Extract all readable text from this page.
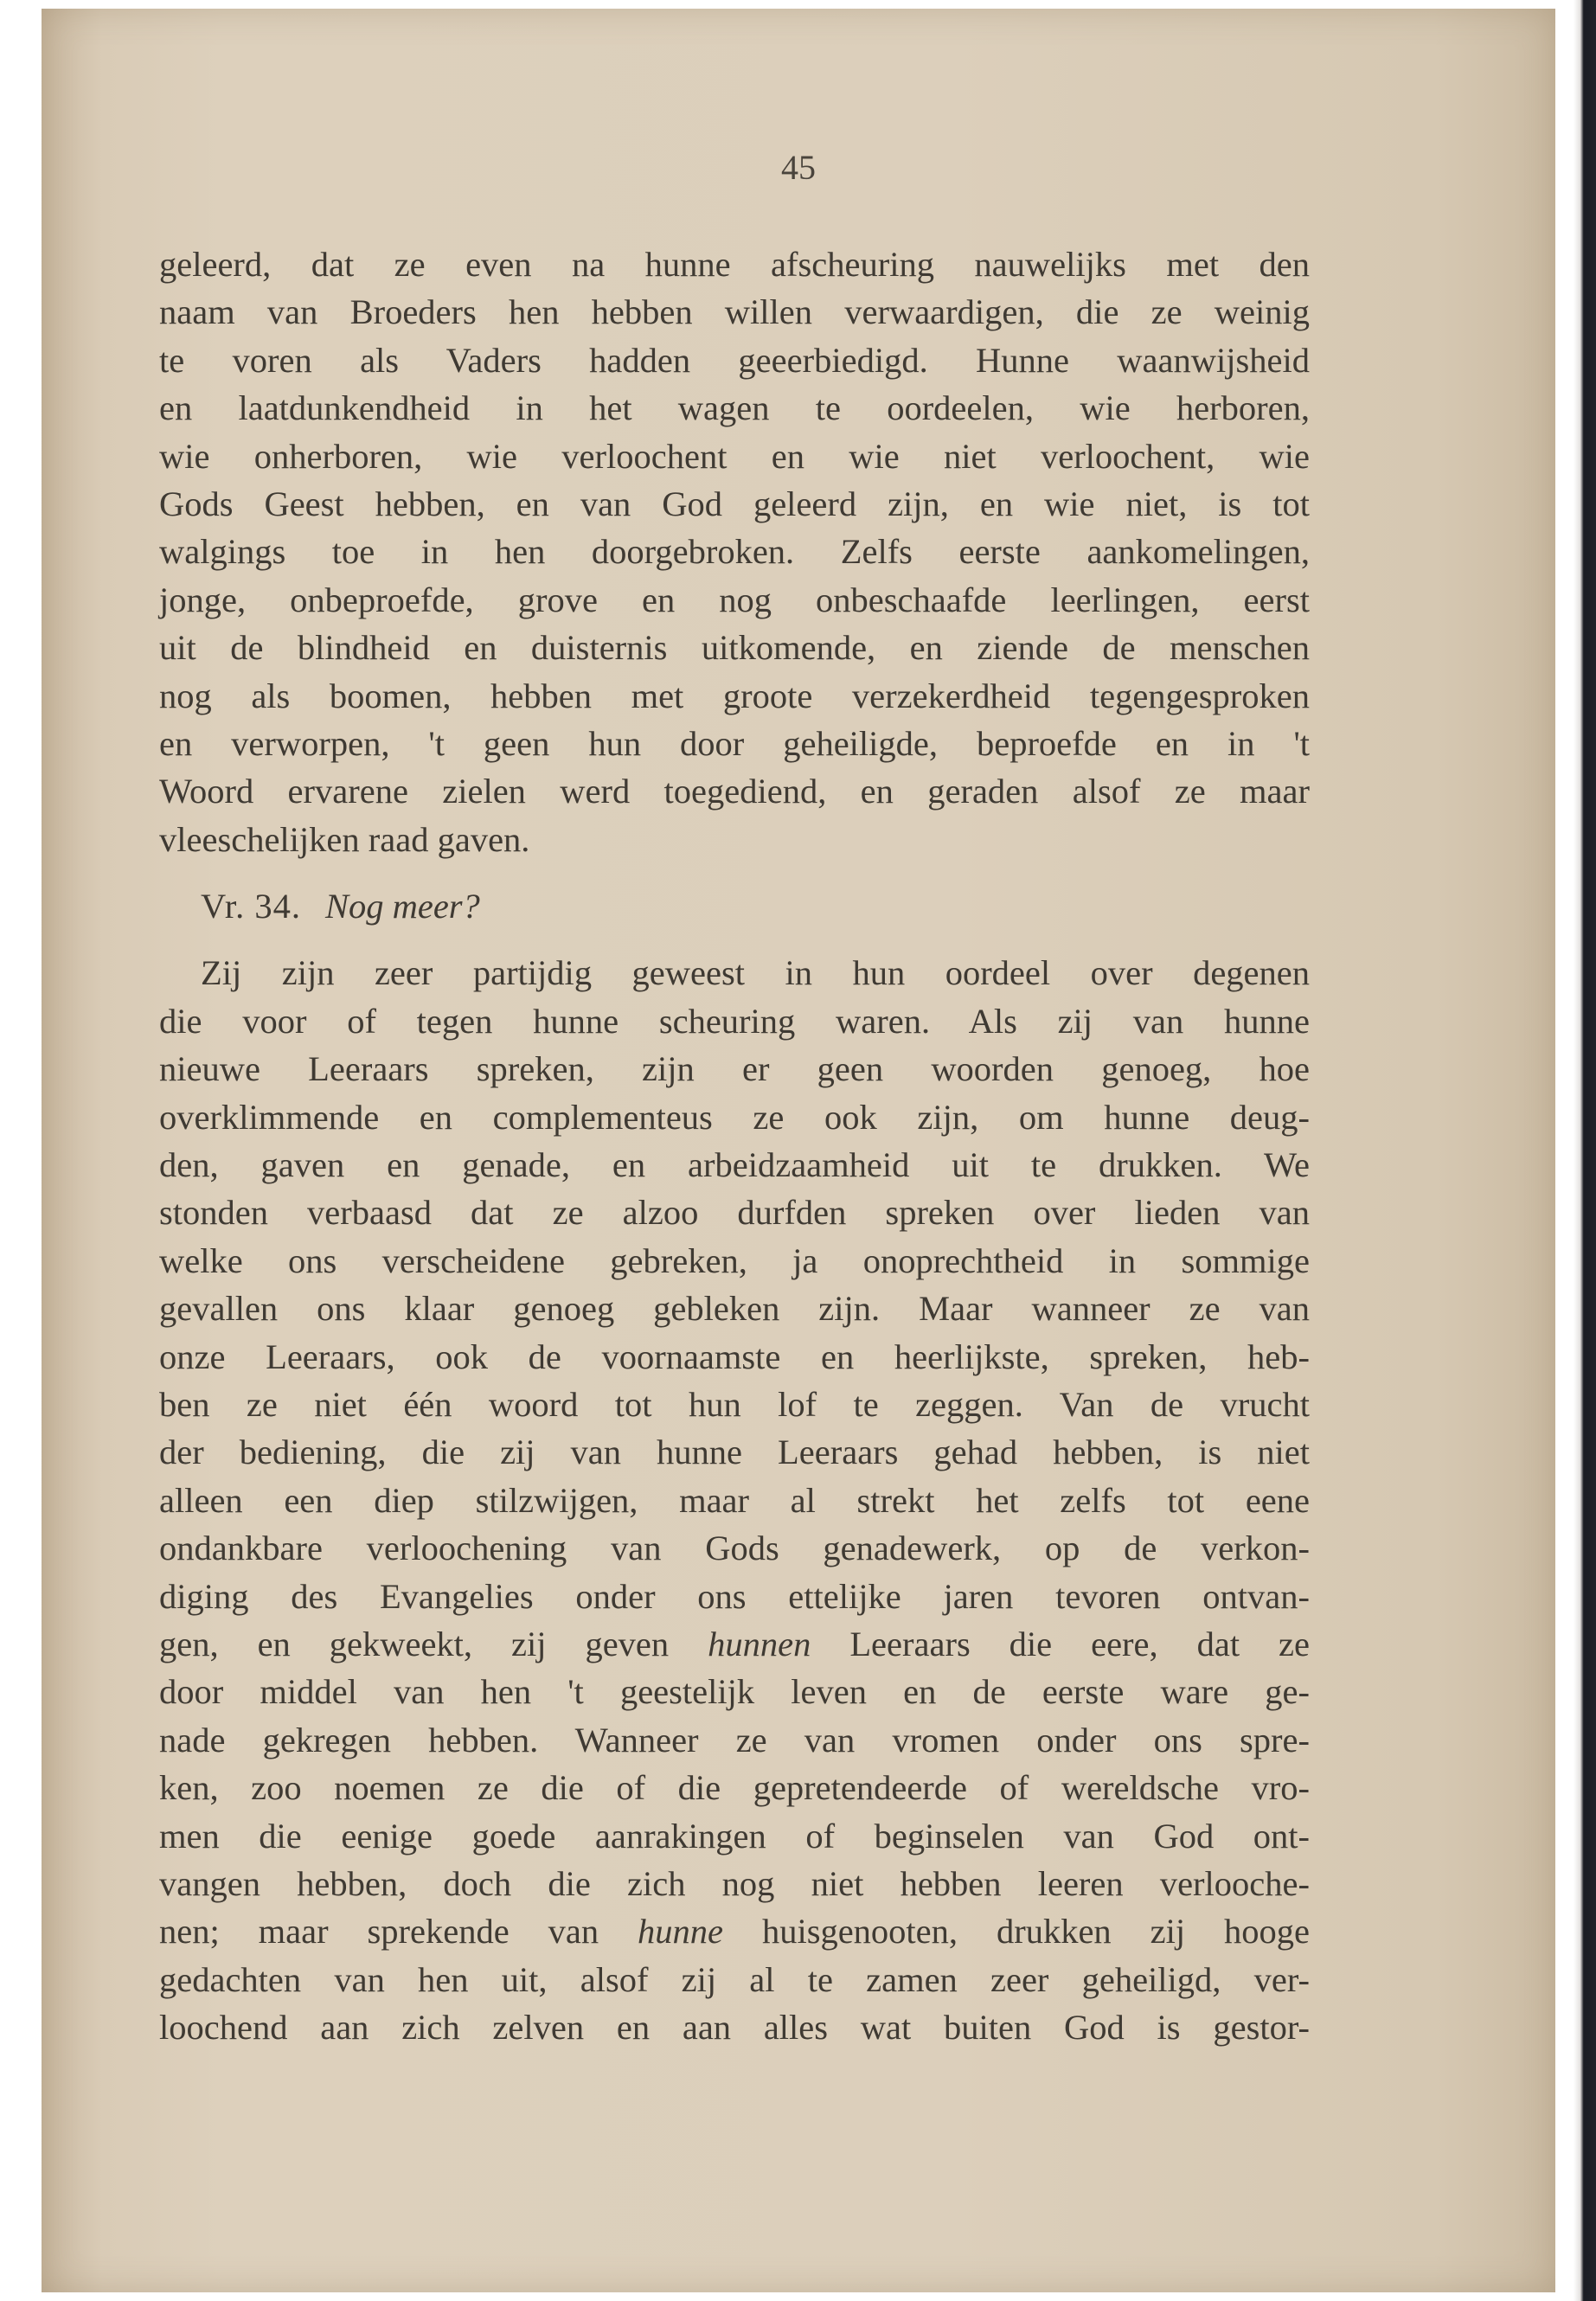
45
geleerd, dat ze even na hunne afscheuring nauwelijks met den
naam van Broeders hen hebben willen verwaardigen, die ze weinig
te voren als Vaders hadden geeerbiedigd. Hunne waanwijsheid
en laatdunkendheid in het wagen te oordeelen, wie herboren,
wie onherboren, wie verloochent en wie niet verloochent, wie
Gods Geest hebben, en van God geleerd zijn, en wie niet, is tot
walgings toe in hen doorgebroken. Zelfs eerste aankomelingen,
jonge, onbeproefde, grove en nog onbeschaafde leerlingen, eerst
uit de blindheid en duisternis uitkomende, en ziende de menschen
nog als boomen, hebben met groote verzekerdheid tegengesproken
en verworpen, 't geen hun door geheiligde, beproefde en in 't
Woord ervarene zielen werd toegediend, en geraden alsof ze maar
vleeschelijken raad gaven.
Vr. 34. Nog meer?
Zij zijn zeer partijdig geweest in hun oordeel over degenen
die voor of tegen hunne scheuring waren. Als zij van hunne
nieuwe Leeraars spreken, zijn er geen woorden genoeg, hoe
overklimmende en complementeus ze ook zijn, om hunne deug-
den, gaven en genade, en arbeidzaamheid uit te drukken. We
stonden verbaasd dat ze alzoo durfden spreken over lieden van
welke ons verscheidene gebreken, ja onoprechtheid in sommige
gevallen ons klaar genoeg gebleken zijn. Maar wanneer ze van
onze Leeraars, ook de voornaamste en heerlijkste, spreken, heb-
ben ze niet één woord tot hun lof te zeggen. Van de vrucht
der bediening, die zij van hunne Leeraars gehad hebben, is niet
alleen een diep stilzwijgen, maar al strekt het zelfs tot eene
ondankbare verloochening van Gods genadewerk, op de verkon-
diging des Evangelies onder ons ettelijke jaren tevoren ontvan-
gen, en gekweekt, zij geven hunnen Leeraars die eere, dat ze
door middel van hen 't geestelijk leven en de eerste ware ge-
nade gekregen hebben. Wanneer ze van vromen onder ons spre-
ken, zoo noemen ze die of die gepretendeerde of wereldsche vro-
men die eenige goede aanrakingen of beginselen van God ont-
vangen hebben, doch die zich nog niet hebben leeren verlooche-
nen; maar sprekende van hunne huisgenooten, drukken zij hooge
gedachten van hen uit, alsof zij al te zamen zeer geheiligd, ver-
loochend aan zich zelven en aan alles wat buiten God is gestor-
